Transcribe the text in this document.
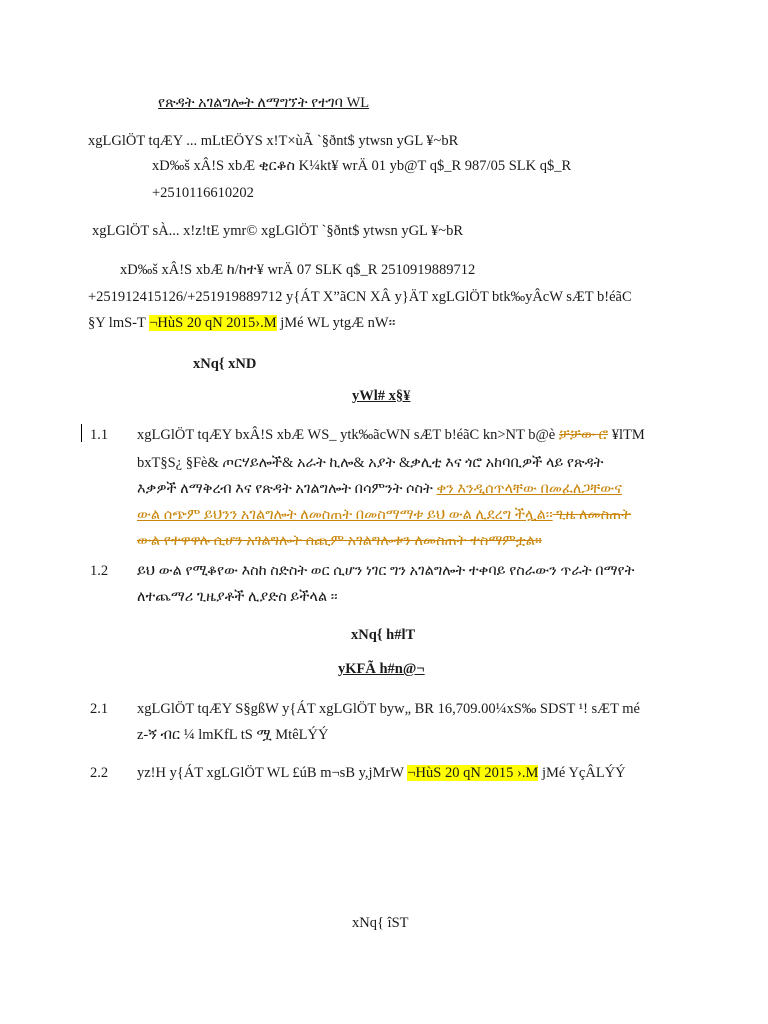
የጽዳት አገልግሎት ለማግኘት የተገባ WL
xgLGlÖT tqÆY ... mLtEÖYS x!T×ùÃ `§ðnt$ ytwsn yGL ¥~bR
xD‰š xÂ!S xbÆ ቂርቆስ K¼kt¥ wrÄ 01 yb@T q$_R 987/05 SLK q$_R
+2510116610202
xgLGlÖT sÀ... x!z!tE ymr© xgLGlÖT `§ðnt$ ytwsn yGL ¥~bR
xD‰š xÂ!S xbÆ ከ/ከተ¥ wrÄ 07 SLK q$_R 2510919889712
+251912415126/+251919889712 y{ÁT X”ãCN XÂ y}ÄT xgLGlÖT btk‰yÂcW sÆT b!éãC
§Y lmS-T ¬HùS 20 qN 2015›.M jMé WL ytgÆ nW፡፡
xNq{ xND
yWl# x§¥
1.1 xgLGlÖT tqÆY bxÂ!S xbÆ WS_ ytk‰ãcWN sÆT b!éãC kn>NT b@è ቻቻው ሮ ¥lTM
bxT§S¿ §Fè& ጦርሃይሎች& አራት ኪሎ& አያት &ቃሊቲ እና ጎሮ አከባቢዎች ላይ የጽዳት
እቃዎች ለማቅረብ እና የጽዳት አገልግሎት በሳምንት ሶስት ቀን እንዲሰጥላቸው በመፈለጋቸውና
ውል ሰጭም ይህንን አገልግሎት ለመስጠት በመስማማቱ ይህ ውል ሊደረግ ችሏል፡፡ ጊዜ ለመስጠት
ውል የተዋዋሉ ሲሆን አገልግሎት ሰጪም አገልግሎቱን ለመስጠት ተስማምቷል፡፡
1.2 ይህ ውል የሚቆየው እስከ ስድስት ወር ሲሆን ነገር ግን አገልግሎት ተቀባይ የስራውን ጥራት በማየት
ለተጨማሪ ጊዜያቶች ሊያድስ ይችላል ፡፡
xNq{ h#lT
yKFÃ h#n@¬
2.1 xgLGlÖT tqÆY S§gßW y{ÁT xgLGlÖT byw„ BR 16,709.00¼xS‰ SDST ¹! sÆT mé
z-ኝ ብር ¼ lmKfL tS ሟ MtêLÝÝ
2.2 yz!H y{ÁT xgLGlÖT WL £úB m¬sB y,jMrW ¬HùS 20 qN 2015 ›.M jMé YçÂLÝÝ
xNq{ îST
